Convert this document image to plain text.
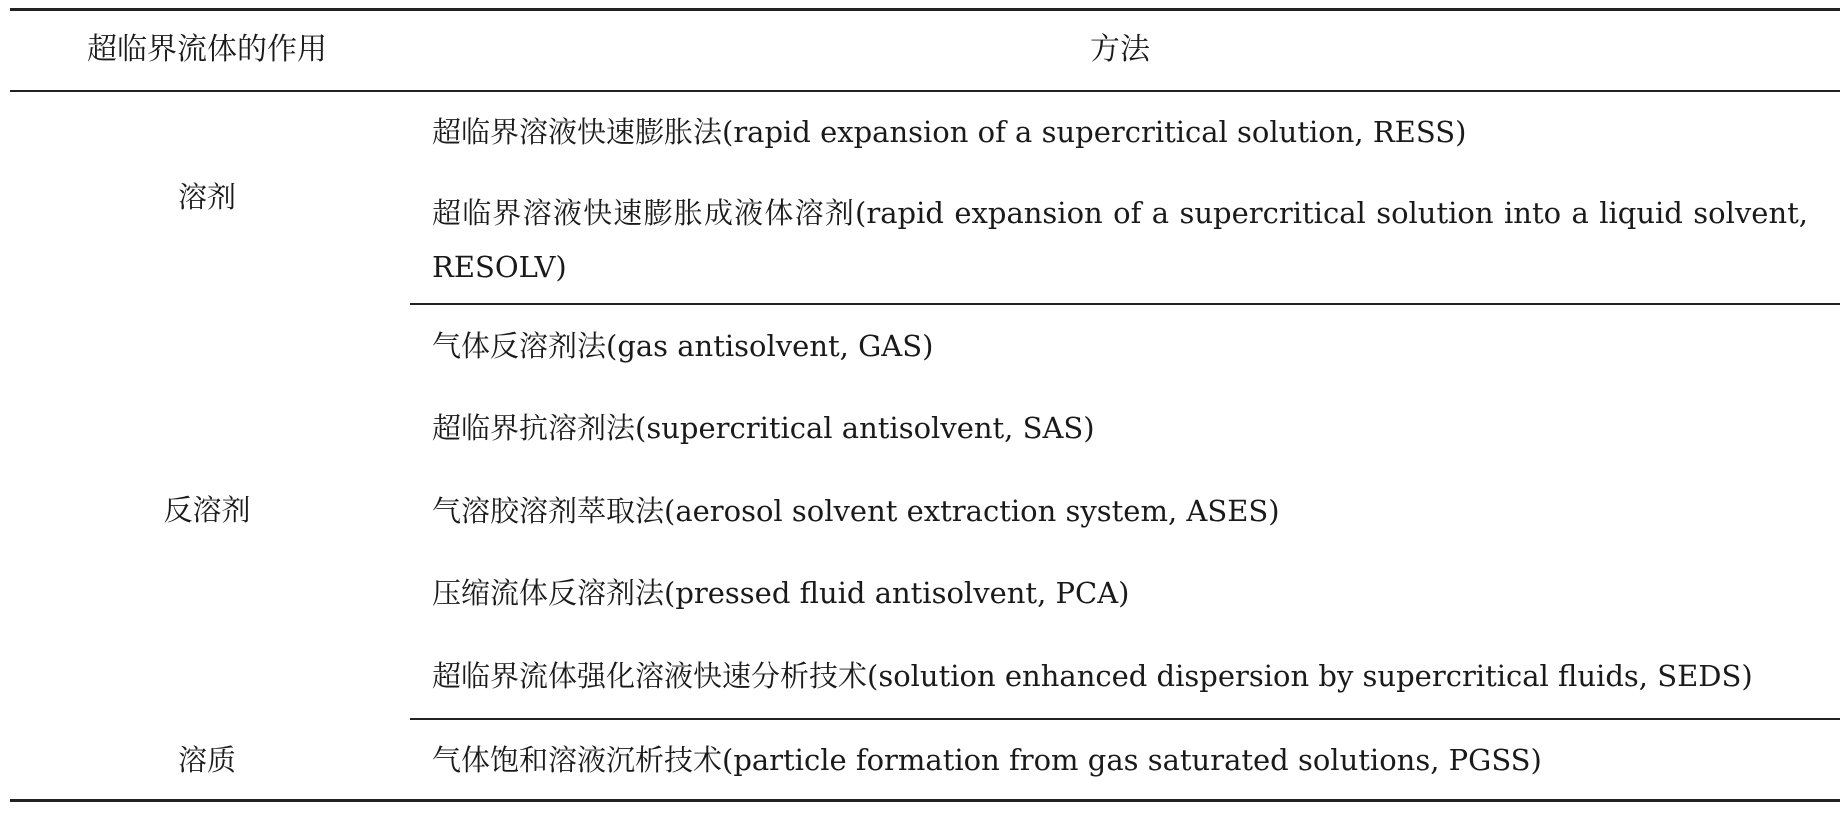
超临界流体的作用	方法
溶剂
超临界溶液快速膨胀法(rapid expansion of a supercritical solution, RESS)
超临界溶液快速膨胀成液体溶剂(rapid expansion of a supercritical solution into a liquid solvent, RESOLV)
反溶剂
气体反溶剂法(gas antisolvent, GAS)
超临界抗溶剂法(supercritical antisolvent, SAS)
气溶胶溶剂萃取法(aerosol solvent extraction system, ASES)
压缩流体反溶剂法(pressed fluid antisolvent, PCA)
超临界流体强化溶液快速分析技术(solution enhanced dispersion by supercritical fluids, SEDS)
溶质	气体饱和溶液沉析技术(particle formation from gas saturated solutions, PGSS)
